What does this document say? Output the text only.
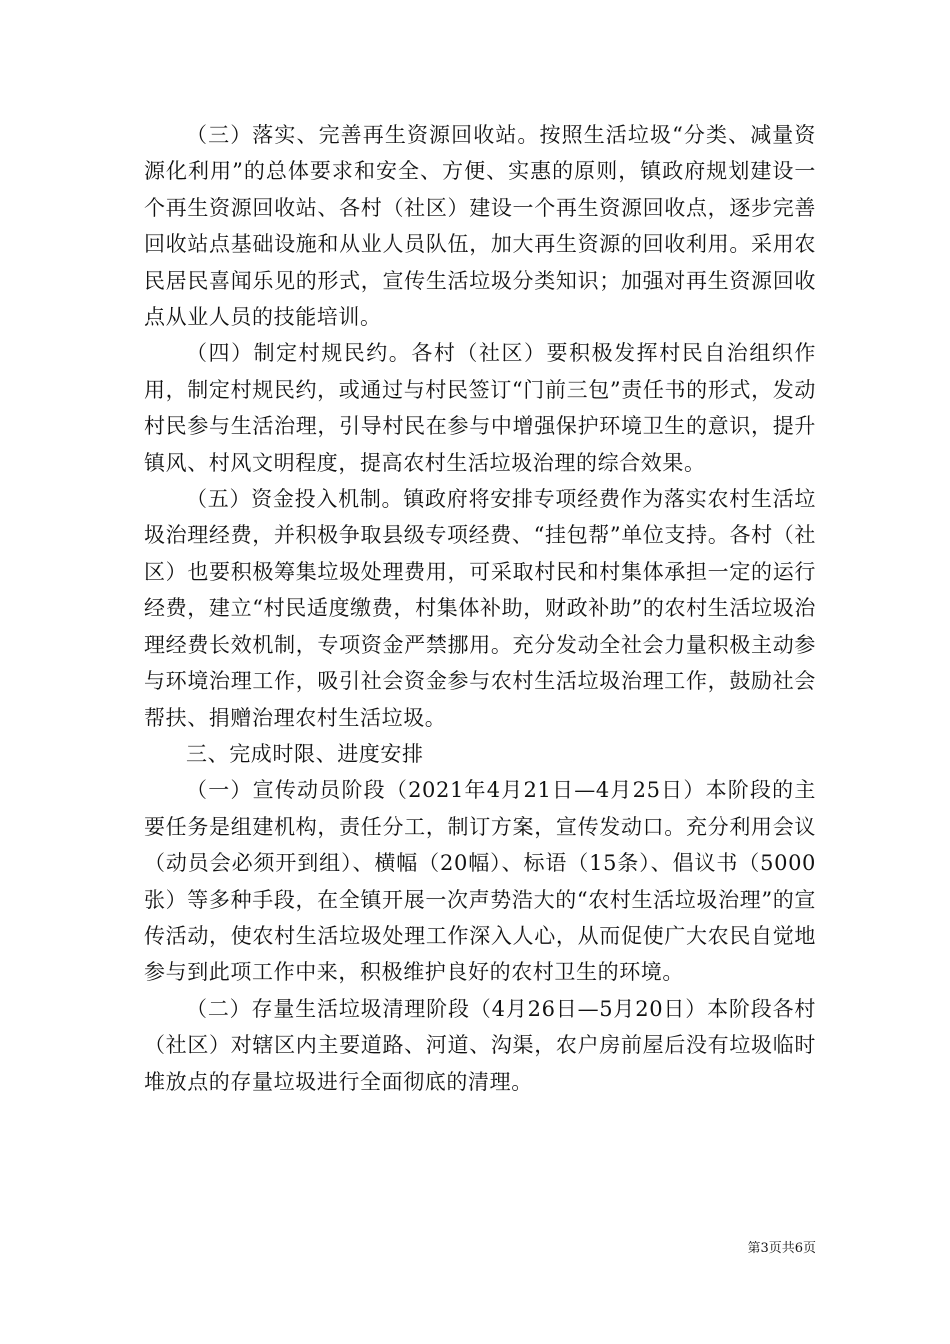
（三）落实、完善再生资源回收站。按照生活垃圾“分类、减量资源化利用”的总体要求和安全、方便、实惠的原则，镇政府规划建设一个再生资源回收站、各村（社区）建设一个再生资源回收点，逐步完善回收站点基础设施和从业人员队伍，加大再生资源的回收利用。采用农民居民喜闻乐见的形式，宣传生活垃圾分类知识；加强对再生资源回收点从业人员的技能培训。

（四）制定村规民约。各村（社区）要积极发挥村民自治组织作用，制定村规民约，或通过与村民签订“门前三包”责任书的形式，发动村民参与生活治理，引导村民在参与中增强保护环境卫生的意识，提升镇风、村风文明程度，提高农村生活垃圾治理的综合效果。

（五）资金投入机制。镇政府将安排专项经费作为落实农村生活垃圾治理经费，并积极争取县级专项经费、“挂包帮”单位支持。各村（社区）也要积极筹集垃圾处理费用，可采取村民和村集体承担一定的运行经费，建立“村民适度缴费，村集体补助，财政补助”的农村生活垃圾治理经费长效机制，专项资金严禁挪用。充分发动全社会力量积极主动参与环境治理工作，吸引社会资金参与农村生活垃圾治理工作，鼓励社会帮扶、捐赠治理农村生活垃圾。

三、完成时限、进度安排

（一）宣传动员阶段（2021年4月21日—4月25日）本阶段的主要任务是组建机构，责任分工，制订方案，宣传发动口。充分利用会议（动员会必须开到组）、横幅（20幅）、标语（15条）、倡议书（5000张）等多种手段，在全镇开展一次声势浩大的“农村生活垃圾治理”的宣传活动，使农村生活垃圾处理工作深入人心，从而促使广大农民自觉地参与到此项工作中来，积极维护良好的农村卫生的环境。

（二）存量生活垃圾清理阶段（4月26日—5月20日）本阶段各村（社区）对辖区内主要道路、河道、沟渠，农户房前屋后没有垃圾临时堆放点的存量垃圾进行全面彻底的清理。

第3页共6页
